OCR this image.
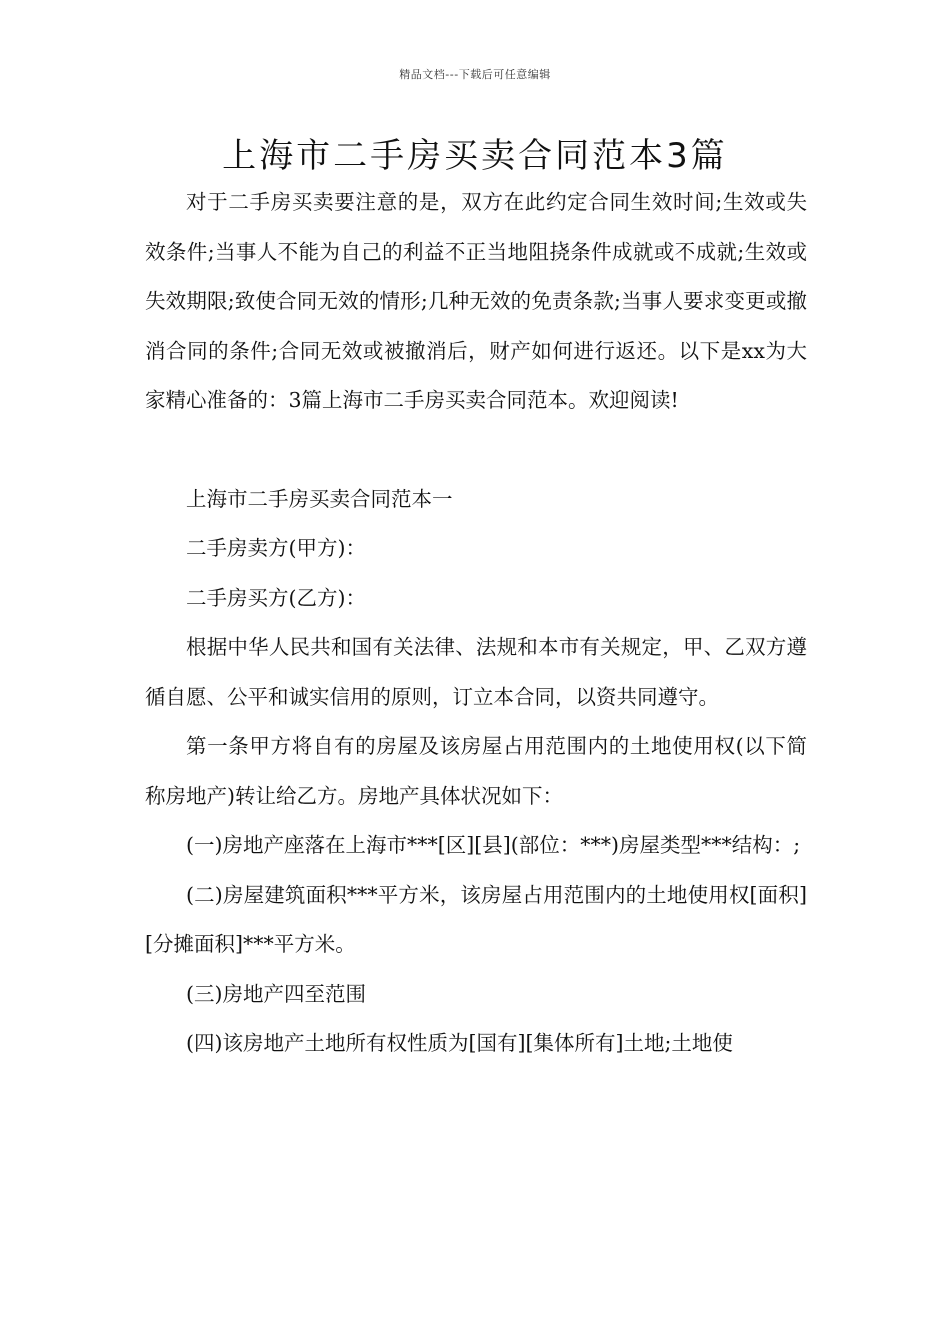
精品文档---下载后可任意编辑
上海市二手房买卖合同范本3篇

对于二手房买卖要注意的是，双方在此约定合同生效时间;生效或失效条件;当事人不能为自己的利益不正当地阻挠条件成就或不成就;生效或失效期限;致使合同无效的情形;几种无效的免责条款;当事人要求变更或撤消合同的条件;合同无效或被撤消后，财产如何进行返还。以下是xx为大家精心准备的：3篇上海市二手房买卖合同范本。欢迎阅读!

上海市二手房买卖合同范本一

二手房卖方(甲方)：

二手房买方(乙方)：

根据中华人民共和国有关法律、法规和本市有关规定，甲、乙双方遵循自愿、公平和诚实信用的原则，订立本合同，以资共同遵守。

第一条甲方将自有的房屋及该房屋占用范围内的土地使用权(以下简称房地产)转让给乙方。房地产具体状况如下：

(一)房地产座落在上海市***[区][县](部位：***)房屋类型***结构：;

(二)房屋建筑面积***平方米，该房屋占用范围内的土地使用权[面积][分摊面积]***平方米。

(三)房地产四至范围

(四)该房地产土地所有权性质为[国有][集体所有]土地;土地使
